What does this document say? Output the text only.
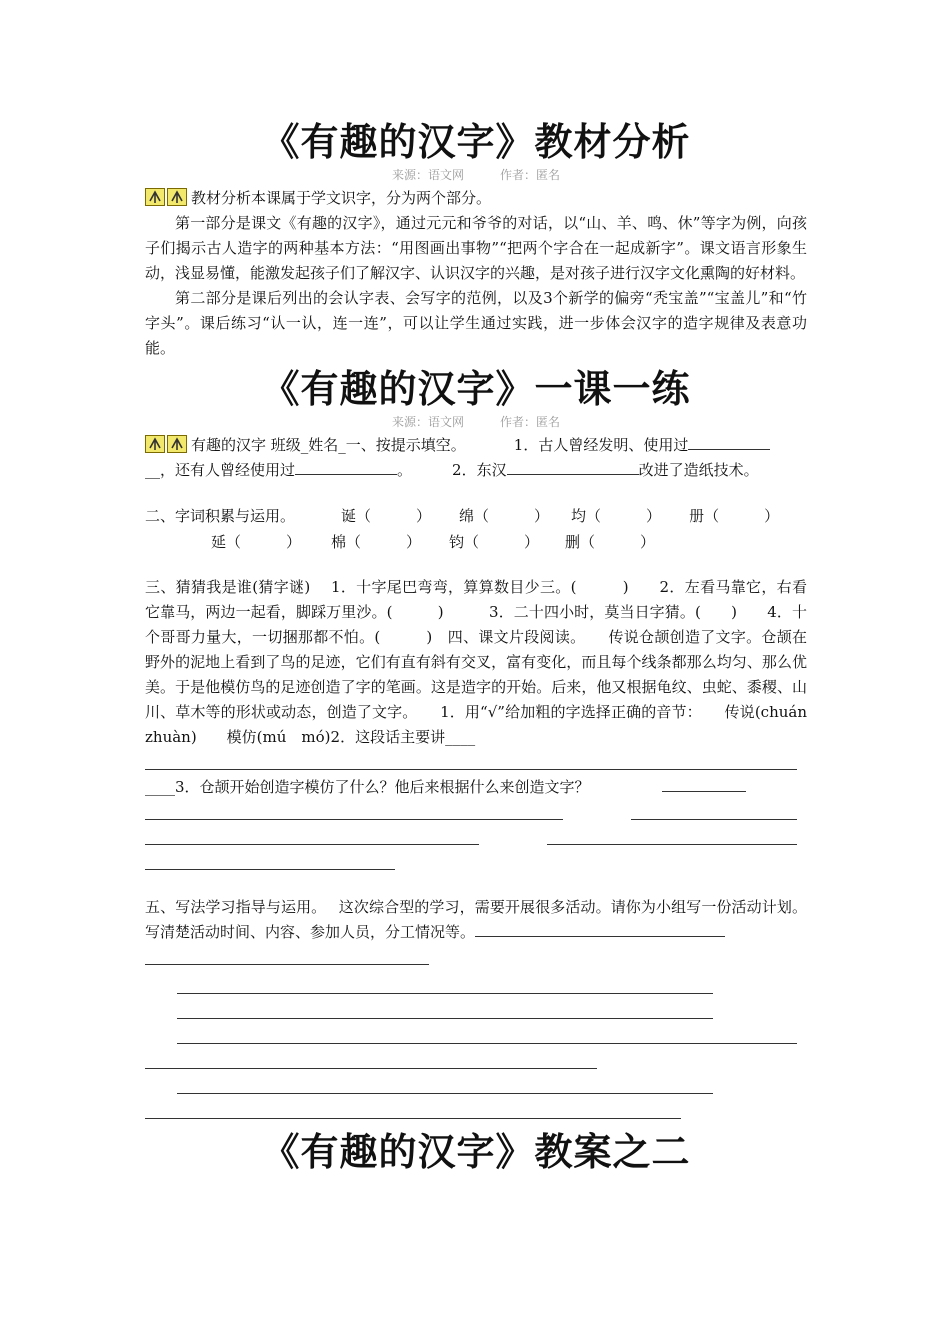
《有趣的汉字》教材分析
来源：语文网	作者：匿名

教材分析本课属于学文识字，分为两个部分。

第一部分是课文《有趣的汉字》，通过元元和爷爷的对话，以“山、羊、鸣、休”等字为例，向孩子们揭示古人造字的两种基本方法：“用图画出事物”“把两个字合在一起成新字”。课文语言形象生动，浅显易懂，能激发起孩子们了解汉字、认识汉字的兴趣，是对孩子进行汉字文化熏陶的好材料。

第二部分是课后列出的会认字表、会写字的范例，以及3个新学的偏旁“秃宝盖”“宝盖儿”和“竹字头”。课后练习“认一认，连一连”，可以让学生通过实践，进一步体会汉字的造字规律及表意功能。

《有趣的汉字》一课一练
来源：语文网	作者：匿名

有趣的汉字 班级_姓名_一、按提示填空。	1．古人曾经发明、使用过
__，还有人曾经使用过	。	2．东汉	改进了造纸技术。

二、字词积累与运用。	诞（　　　） 绵（　　　） 均（　　　） 册（　　　）
延（　　　） 棉（　　　） 钧（　　　） 删（　　　）

三、猜猜我是谁(猜字谜)　 1．十字尾巴弯弯，算算数目少三。(　　　)　　2．左看马靠它，右看它靠马，两边一起看，脚踩万里沙。(　　　)　　　3．二十四小时，莫当日字猜。(　　)　　4．十个哥哥力量大，一切捆那都不怕。(　　　)　四、课文片段阅读。　　传说仓颉创造了文字。仓颉在野外的泥地上看到了鸟的足迹，它们有直有斜有交叉，富有变化，而且每个线条都那么均匀、那么优美。于是他模仿鸟的足迹创造了字的笔画。这是造字的开始。后来，他又根据龟纹、虫蛇、黍稷、山川、草木等的形状或动态，创造了文字。　　1．用“√”给加粗的字选择正确的音节：　　传说(chuán　zhuàn)　　模仿(mú　mó)2．这段话主要讲____

____3．仓颉开始创造字模仿了什么？他后来根据什么来创造文字？

五、写法学习指导与运用。　 这次综合型的学习，需要开展很多活动。请你为小组写一份活动计划。写清楚活动时间、内容、参加人员，分工情况等。

《有趣的汉字》教案之二
